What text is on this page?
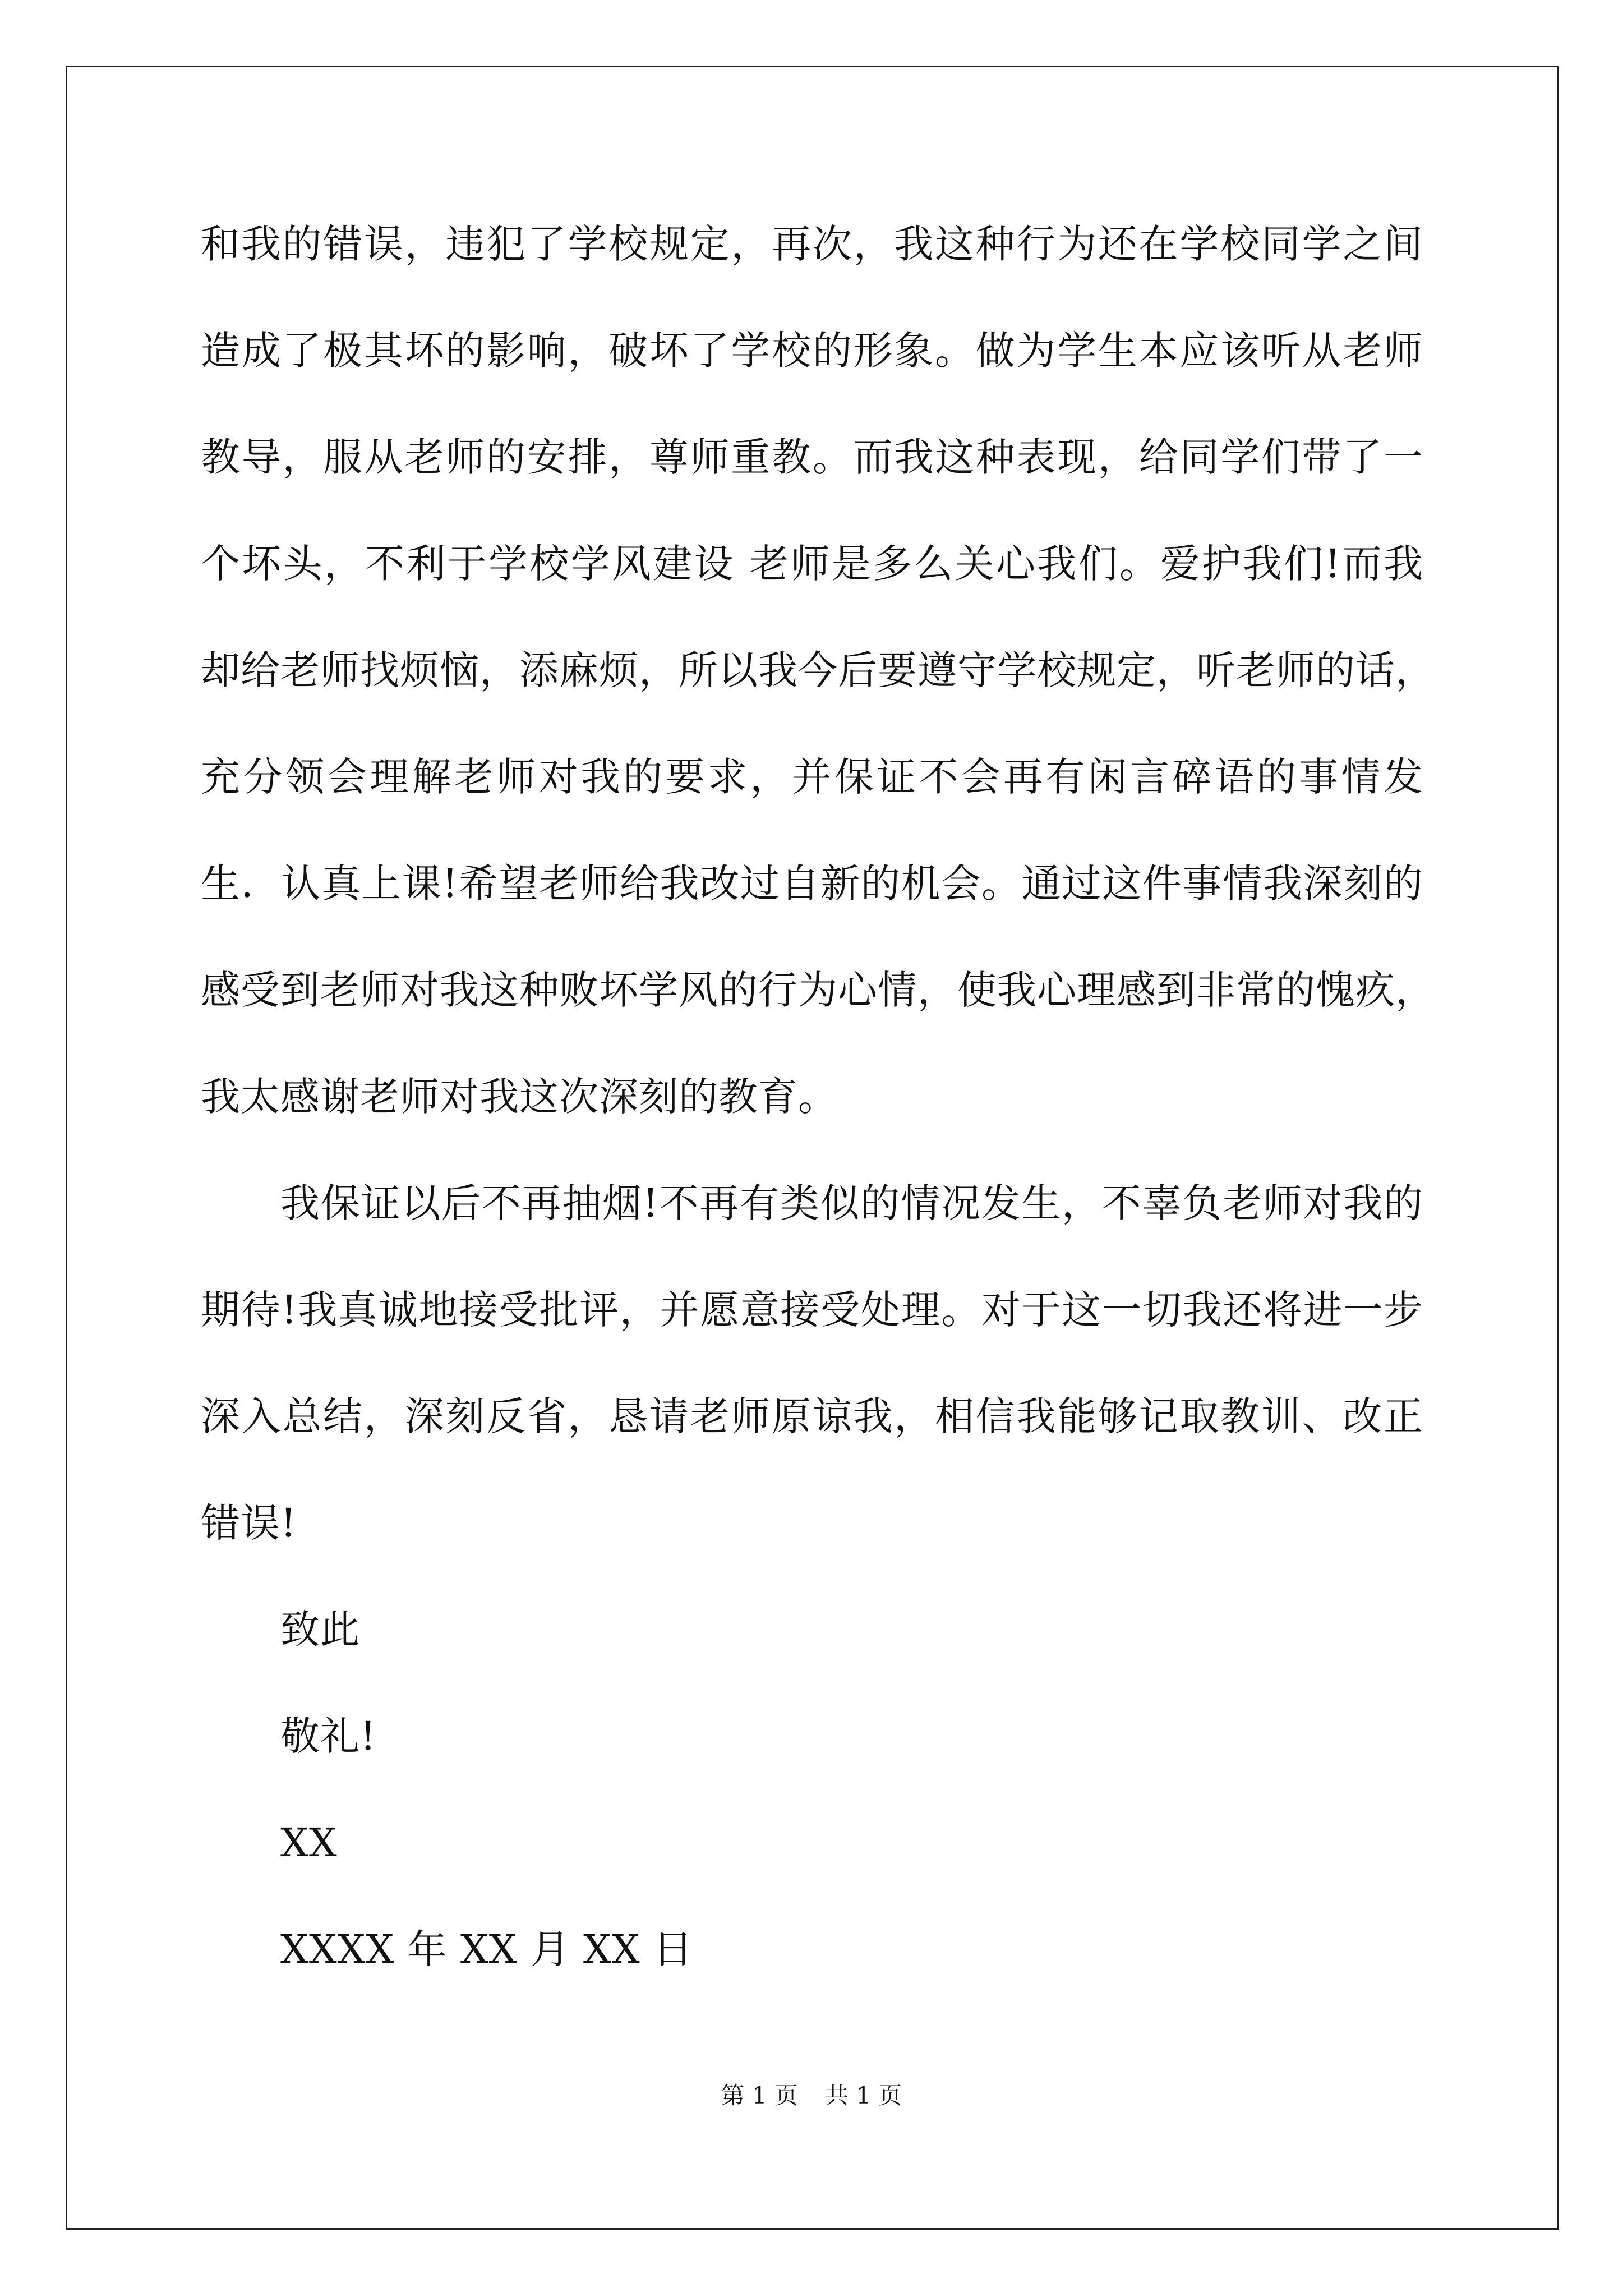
和我的错误，违犯了学校规定，再次，我这种行为还在学校同学之间
造成了极其坏的影响，破坏了学校的形象。做为学生本应该听从老师
教导，服从老师的安排，尊师重教。而我这种表现，给同学们带了一
个坏头，不利于学校学风建设 老师是多么关心我们。爱护我们!而我
却给老师找烦恼，添麻烦，所以我今后要遵守学校规定，听老师的话，
充分领会理解老师对我的要求，并保证不会再有闲言碎语的事情发
生．认真上课!希望老师给我改过自新的机会。通过这件事情我深刻的
感受到老师对我这种败坏学风的行为心情，使我心理感到非常的愧疚，
我太感谢老师对我这次深刻的教育。
我保证以后不再抽烟!不再有类似的情况发生，不辜负老师对我的
期待!我真诚地接受批评，并愿意接受处理。对于这一切我还将进一步
深入总结，深刻反省，恳请老师原谅我，相信我能够记取教训、改正
错误!
致此
敬礼!
XX
XXXX 年 XX 月 XX 日
第 1 页 共 1 页
